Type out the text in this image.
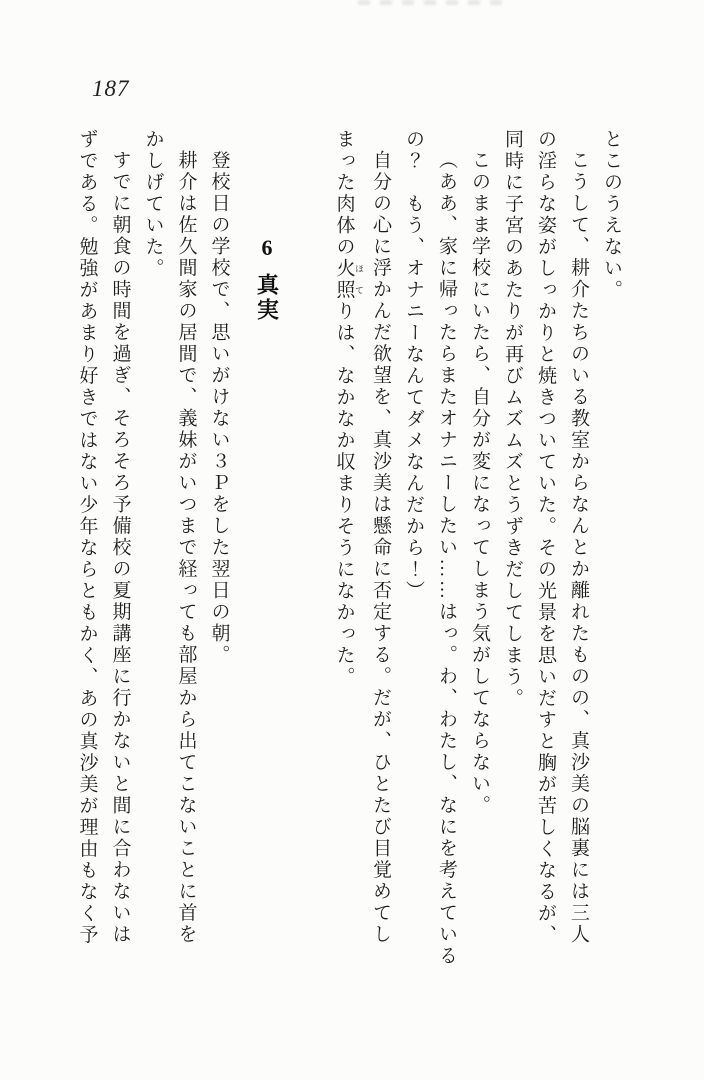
187
とこのうえない。
こうして、耕介たちのいる教室からなんとか離れたものの、真沙美の脳裏には三人
の淫らな姿がしっかりと焼きついていた。その光景を思いだすと胸が苦しくなるが、
同時に子宮のあたりが再びムズムズとうずきだしてしまう。
このまま学校にいたら、自分が変になってしまう気がしてならない。
（ああ、家に帰ったらまたオナニーしたい……はっ。わ、わたし、なにを考えている
の？　もう、オナニーなんてダメなんだから！）
自分の心に浮かんだ欲望を、真沙美は懸命に否定する。だが、ひとたび目覚めてし
まった肉体の火照 ほてりは、なかなか収まりそうになかった。
6真実
登校日の学校で、思いがけない３Ｐをした翌日の朝。
耕介は佐久間家の居間で、義妹がいつまで経っても部屋から出てこないことに首を
かしげていた。
すでに朝食の時間を過ぎ、そろそろ予備校の夏期講座に行かないと間に合わないは
ずである。勉強があまり好きではない少年ならともかく、あの真沙美が理由もなく予
